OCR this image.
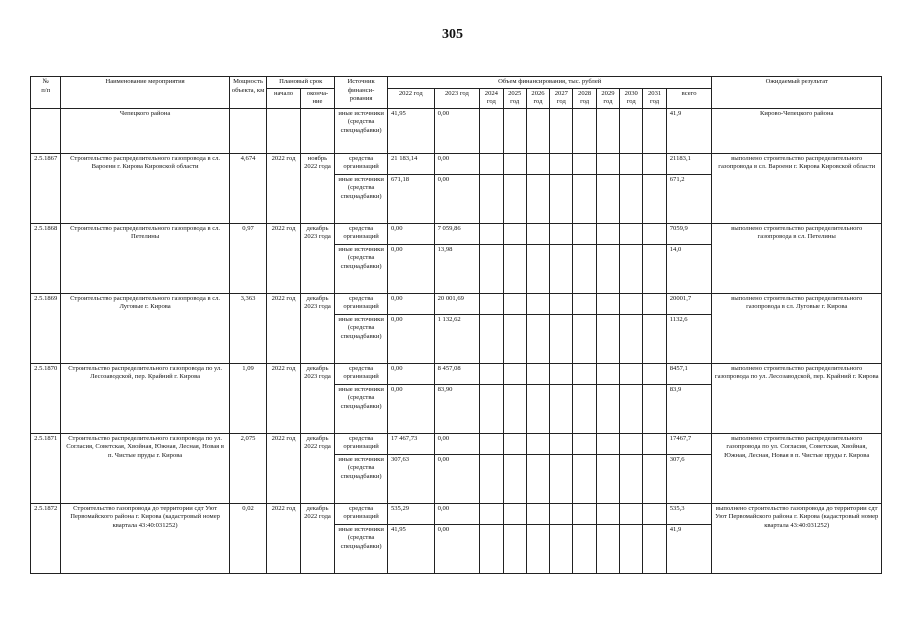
305
№
п/п	Наименование мероприятия	Мощность объекта, км	Плановый срок		Источник финанси-рования	Объем финансирования, тыс. рублей											Ожидаемый результат
			начало	оконча-ние		2022 год	2023 год	2024 год	2025 год	2026 год	2027 год	2028 год	2029 год	2030 год	2031 год	всего	
	Чепецкого района				иные источники (средства спецнадбавки)	41,95	0,00									41,9	Кирово-Чепецкого района
2.5.1867	Строительство распределительного газопровода в сл. Вароени г. Кирова Кировской области	4,674	2022 год	ноябрь 2022 года	средства организаций	21 183,14	0,00									21183,1	выполнено строительство распределительного газопровода в сл. Вароени г. Кирова Кировской области
					иные источники (средства спецнадбавки)	671,18	0,00									671,2	
2.5.1868	Строительство распределительного газопровода в сл. Петелины	0,97	2022 год	декабрь 2023 года	средства организаций	0,00	7 059,86									7059,9	выполнено строительство распределительного газопровода в сл. Петелины
					иные источники (средства спецнадбавки)	0,00	13,98									14,0	
2.5.1869	Строительство распределительного газопровода в сл. Луговые г. Кирова	3,363	2022 год	декабрь 2023 года	средства организаций	0,00	20 001,69									20001,7	выполнено строительство распределительного газопровода в сл. Луговые г. Кирова
					иные источники (средства спецнадбавки)	0,00	1 132,62									1132,6	
2.5.1870	Строительство распределительного газопровода по ул. Лесозаводской, пер. Крайний г. Кирова	1,09	2022 год	декабрь 2023 года	средства организаций	0,00	8 457,08									8457,1	выполнено строительство распределительного газопровода по ул. Лесозаводской, пер. Крайний г. Кирова
					иные источники (средства спецнадбавки)	0,00	83,90									83,9	
2.5.1871	Строительство распределительного газопровода по ул. Согласия, Советская, Хвойная, Южная, Лесная, Новая в п. Чистые пруды г. Кирова	2,075	2022 год	декабрь 2022 года	средства организаций	17 467,73	0,00									17467,7	выполнено строительство распределительного газопровода по ул. Согласия, Советская, Хвойная, Южная, Лесная, Новая в п. Чистые пруды г. Кирова
					иные источники (средства спецнадбавки)	307,63	0,00									307,6	
2.5.1872	Строительство газопровода до территории сдт Уют Первомайского района г. Кирова (кадастровый номер квартала 43:40:031252)	0,02	2022 год	декабрь 2022 года	средства организаций	535,29	0,00									535,3	выполнено строительство газопровода до территории сдт Уют Первомайского района г. Кирова (кадастровый номер квартала 43:40:031252)
					иные источники (средства спецнадбавки)	41,95	0,00									41,9	
